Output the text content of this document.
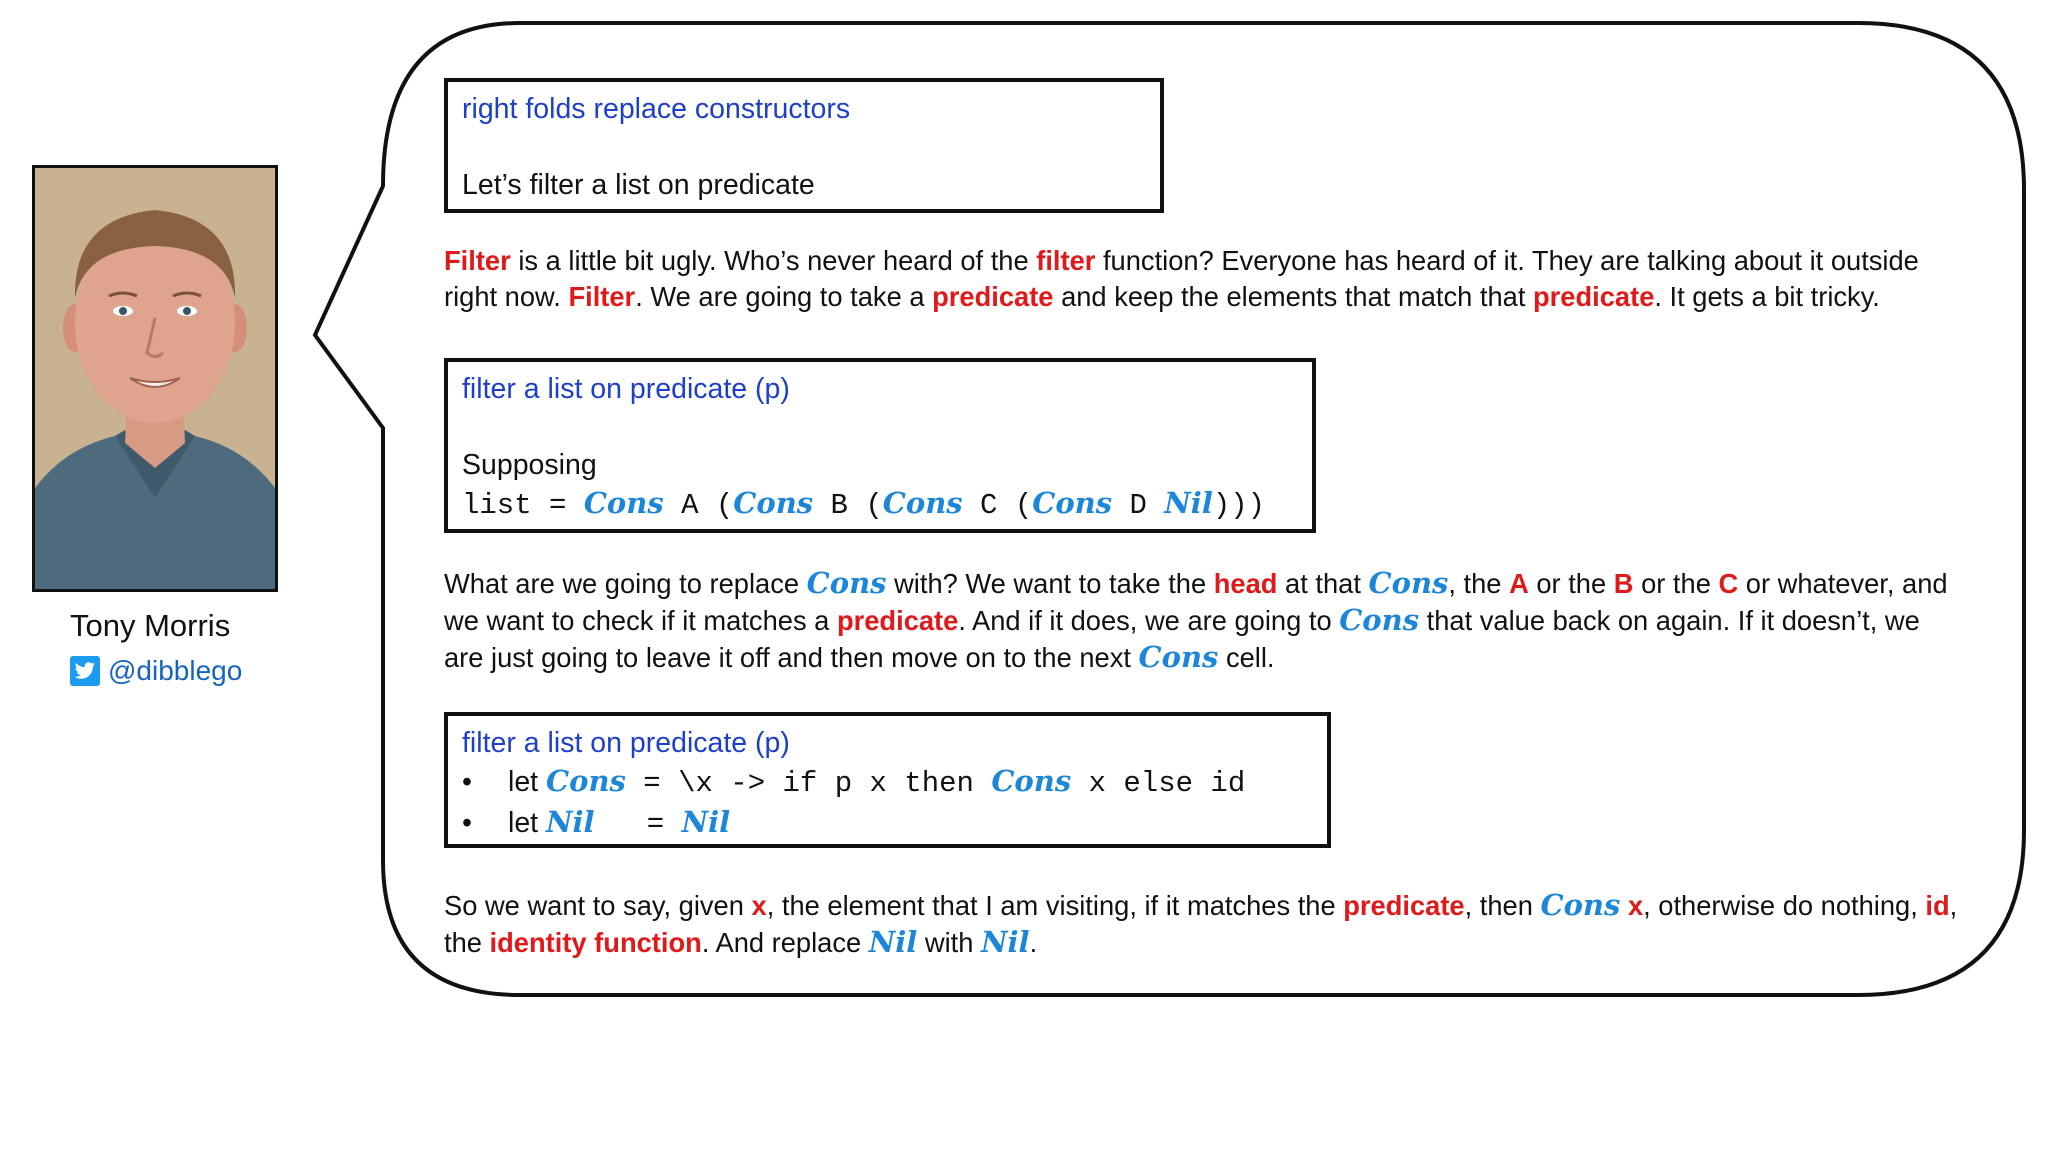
Tony Morris
@dibblego
right folds replace constructors
Let’s filter a list on predicate
Filter is a little bit ugly. Who’s never heard of the filter function? Everyone has heard of it. They are talking about it outside right now. Filter. We are going to take a predicate and keep the elements that match that predicate. It gets a bit tricky.
filter a list on predicate (p)
Supposing
list = Cons A (Cons B (Cons C (Cons D Nil)))
What are we going to replace Cons with? We want to take the head at that Cons, the A or the B or the C or whatever, and we want to check if it matches a predicate. And if it does, we are going to Cons that value back on again. If it doesn’t, we are just going to leave it off and then move on to the next Cons cell.
filter a list on predicate (p)
•	let Cons = \x -> if p x then Cons x else id
•	let Nil = Nil
So we want to say, given x, the element that I am visiting, if it matches the predicate, then Cons x, otherwise do nothing, id, the identity function. And replace Nil with Nil.
